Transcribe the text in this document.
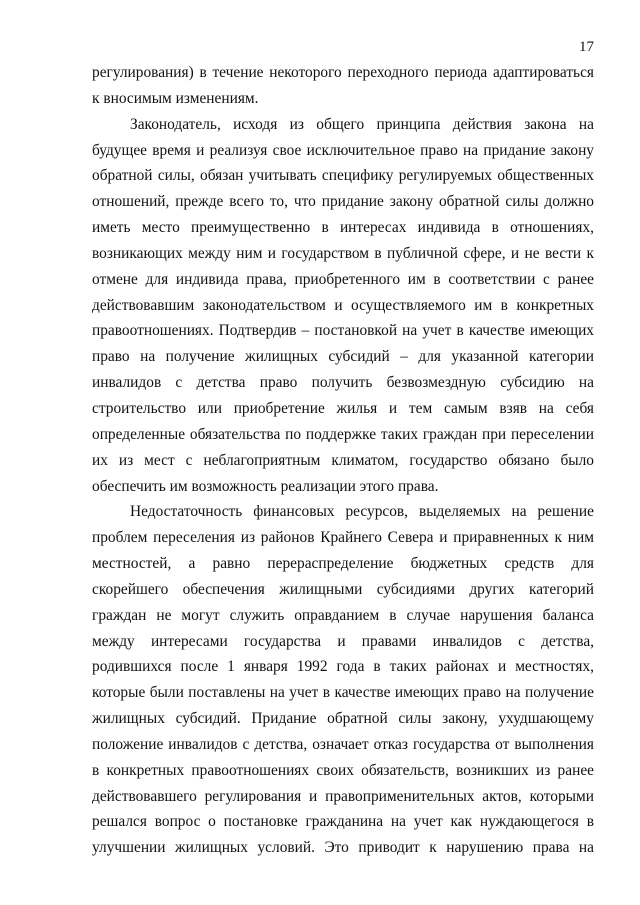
17
регулирования) в течение некоторого переходного периода адаптироваться
к вносимым изменениям.
Законодатель, исходя из общего принципа действия закона на
будущее время и реализуя свое исключительное право на придание закону
обратной силы, обязан учитывать специфику регулируемых общественных
отношений, прежде всего то, что придание закону обратной силы должно
иметь место преимущественно в интересах индивида в отношениях,
возникающих между ним и государством в публичной сфере, и не вести к
отмене для индивида права, приобретенного им в соответствии с ранее
действовавшим законодательством и осуществляемого им в конкретных
правоотношениях. Подтвердив – постановкой на учет в качестве имеющих
право на получение жилищных субсидий – для указанной категории
инвалидов с детства право получить безвозмездную субсидию на
строительство или приобретение жилья и тем самым взяв на себя
определенные обязательства по поддержке таких граждан при переселении
их из мест с неблагоприятным климатом, государство обязано было
обеспечить им возможность реализации этого права.
Недостаточность финансовых ресурсов, выделяемых на решение
проблем переселения из районов Крайнего Севера и приравненных к ним
местностей, а равно перераспределение бюджетных средств для
скорейшего обеспечения жилищными субсидиями других категорий
граждан не могут служить оправданием в случае нарушения баланса
между интересами государства и правами инвалидов с детства,
родившихся после 1 января 1992 года в таких районах и местностях,
которые были поставлены на учет в качестве имеющих право на получение
жилищных субсидий. Придание обратной силы закону, ухудшающему
положение инвалидов с детства, означает отказ государства от выполнения
в конкретных правоотношениях своих обязательств, возникших из ранее
действовавшего регулирования и правоприменительных актов, которыми
решался вопрос о постановке гражданина на учет как нуждающегося в
улучшении жилищных условий. Это приводит к нарушению права на
